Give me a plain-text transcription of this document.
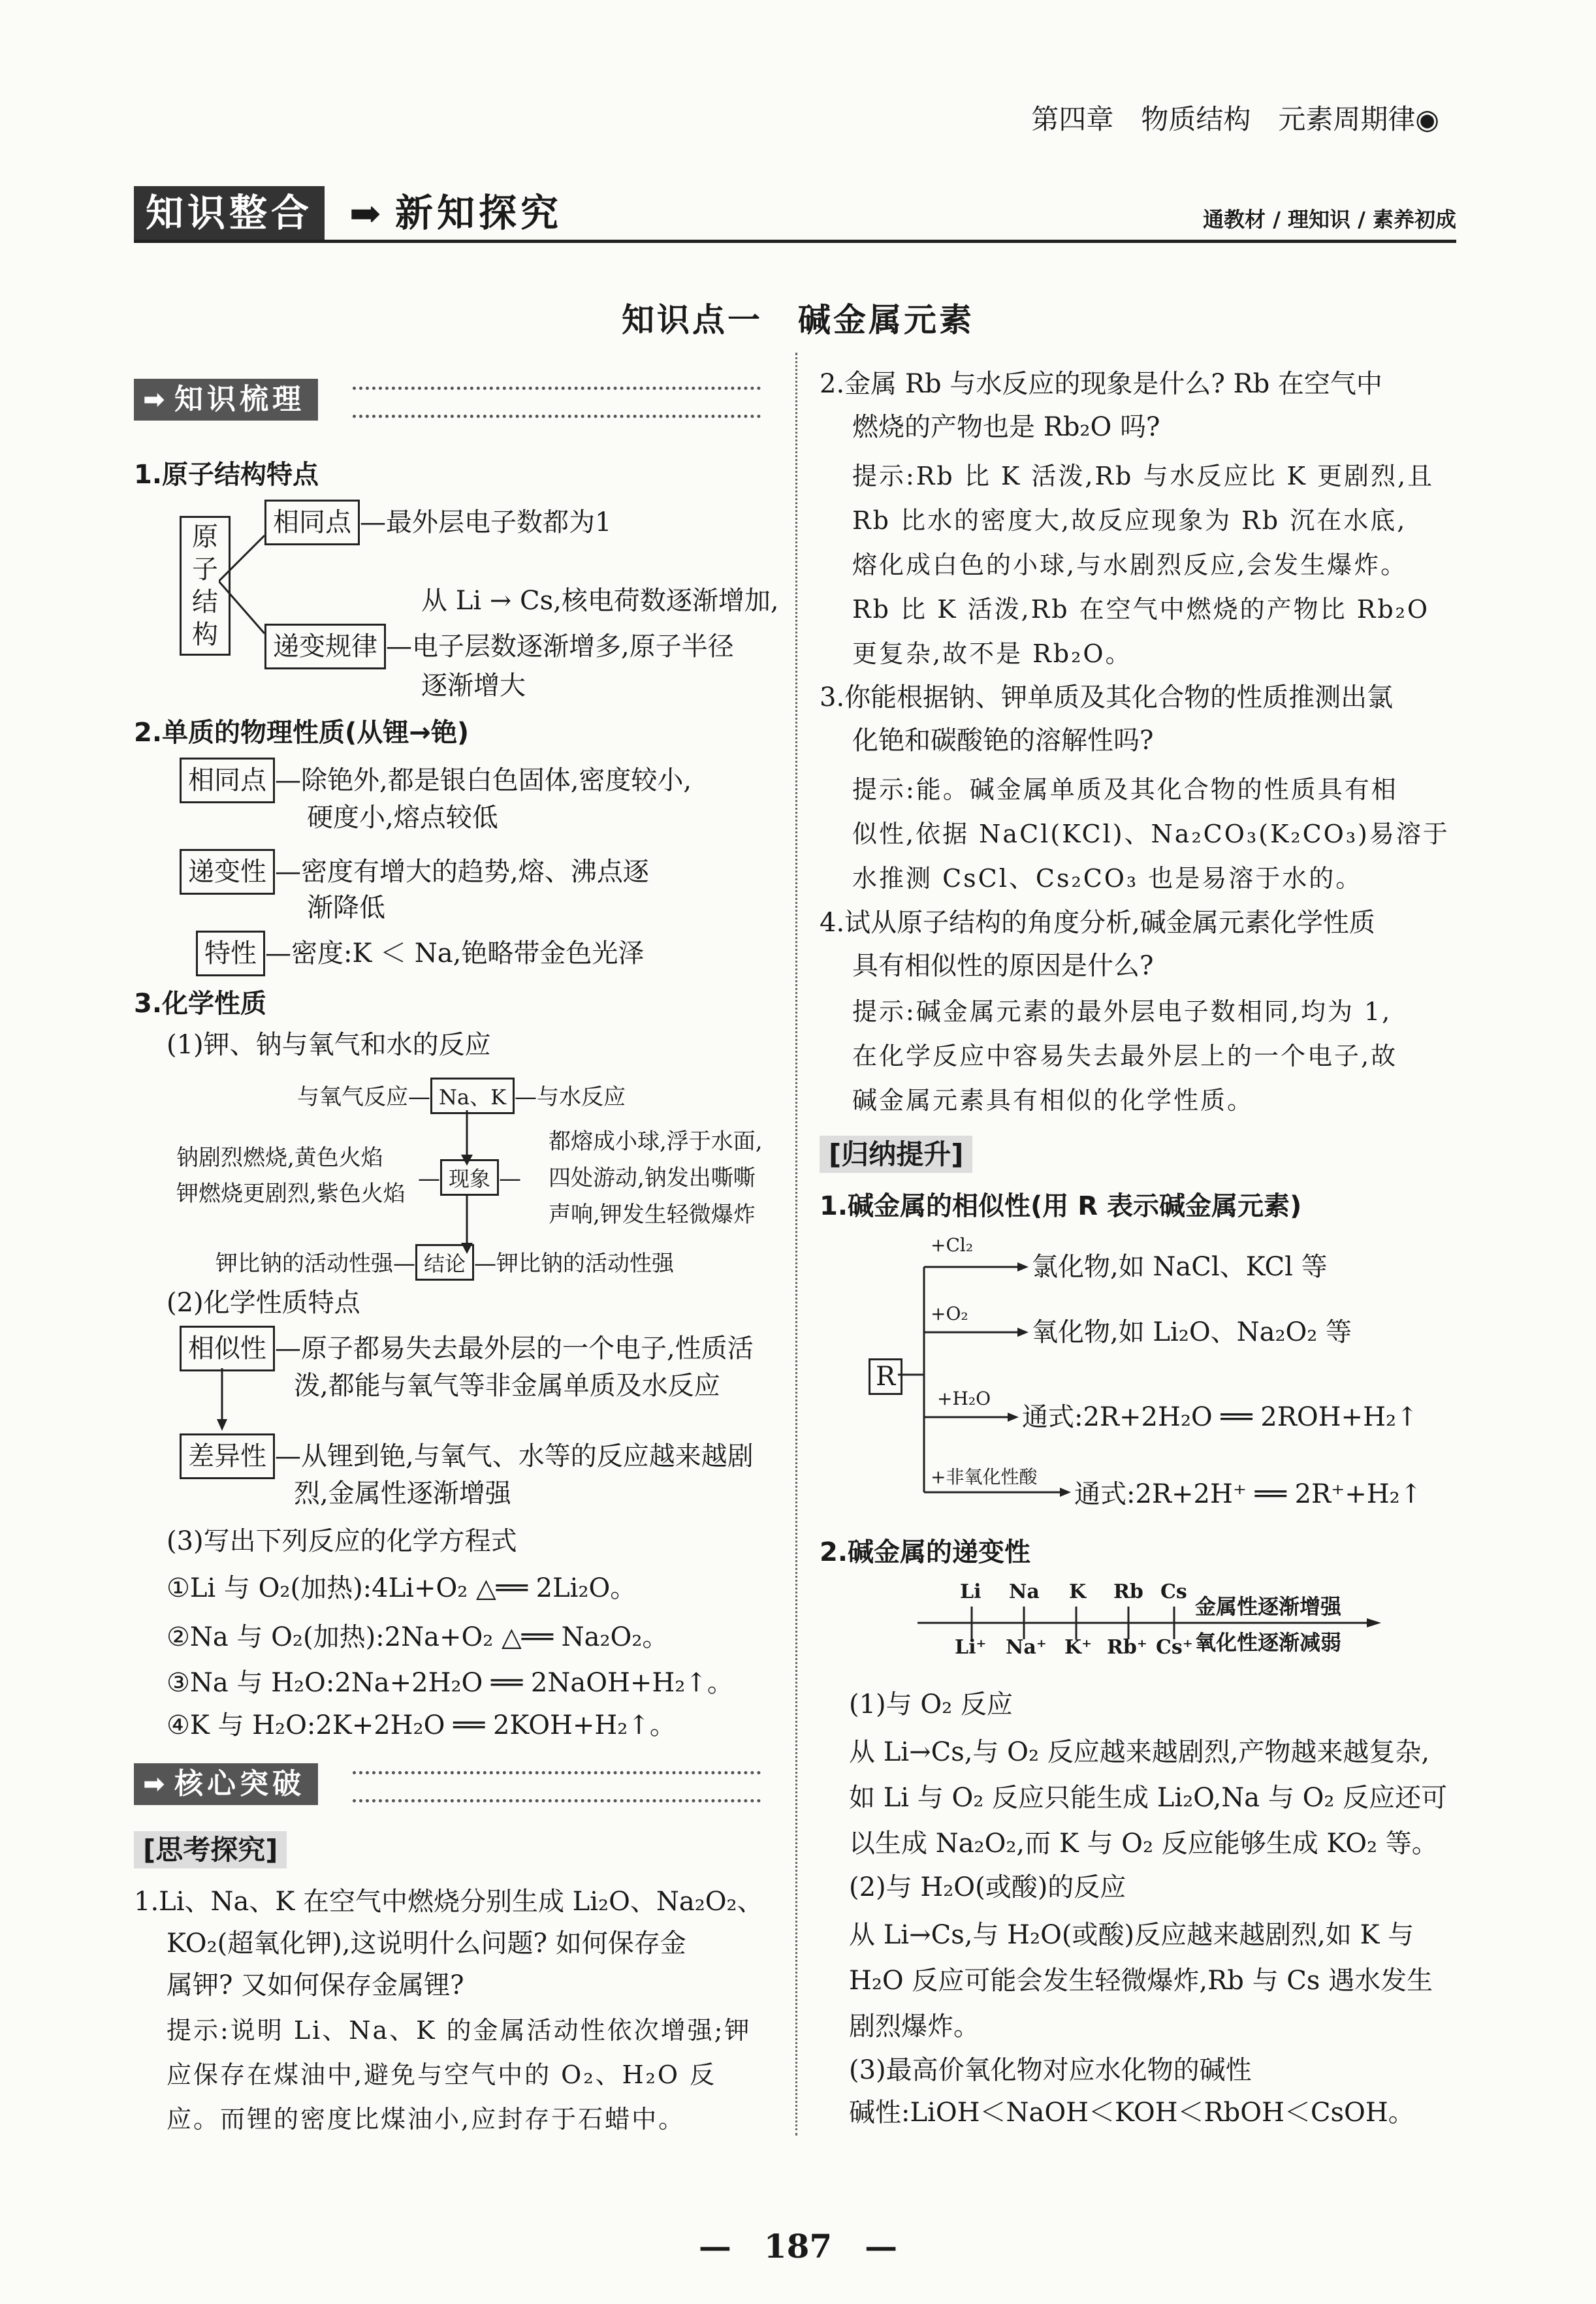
第四章　物质结构　元素周期律◉
知识整合 ➡ 新知探究	通教材 / 理知识 / 素养初成
知识点一　碱金属元素
➡ 知识梳理
1.原子结构特点
原子结构
相同点 —最外层电子数都为1
从 Li → Cs,核电荷数逐渐增加,
递变规律 —电子层数逐渐增多,原子半径
逐渐增大
2.单质的物理性质(从锂→铯)
相同点 —除铯外,都是银白色固体,密度较小,
硬度小,熔点较低
递变性 —密度有增大的趋势,熔、沸点逐
渐降低
特性 —密度:K ＜ Na,铯略带金色光泽
3.化学性质
(1)钾、钠与氧气和水的反应
与氧气反应— Na、K —与水反应
钠剧烈燃烧,黄色火焰
钾燃烧更剧烈,紫色火焰
— 现象 —
都熔成小球,浮于水面,
四处游动,钠发出嘶嘶
声响,钾发生轻微爆炸
钾比钠的活动性强— 结论 —钾比钠的活动性强
(2)化学性质特点
相似性 —原子都易失去最外层的一个电子,性质活
泼,都能与氧气等非金属单质及水反应
差异性 —从锂到铯,与氧气、水等的反应越来越剧
烈,金属性逐渐增强
(3)写出下列反应的化学方程式
①Li 与 O₂(加热):4Li+O₂ △══ 2Li₂O。
②Na 与 O₂(加热):2Na+O₂ △══ Na₂O₂。
③Na 与 H₂O:2Na+2H₂O ══ 2NaOH+H₂↑。
④K 与 H₂O:2K+2H₂O ══ 2KOH+H₂↑。
➡ 核心突破
[思考探究]
1.Li、Na、K 在空气中燃烧分别生成 Li₂O、Na₂O₂、
KO₂(超氧化钾),这说明什么问题? 如何保存金
属钾? 又如何保存金属锂?
提示:说明 Li、Na、K 的金属活动性依次增强;钾
应保存在煤油中,避免与空气中的 O₂、H₂O 反
应。而锂的密度比煤油小,应封存于石蜡中。
2.金属 Rb 与水反应的现象是什么? Rb 在空气中
燃烧的产物也是 Rb₂O 吗?
提示:Rb 比 K 活泼,Rb 与水反应比 K 更剧烈,且
Rb 比水的密度大,故反应现象为 Rb 沉在水底,
熔化成白色的小球,与水剧烈反应,会发生爆炸。
Rb 比 K 活泼,Rb 在空气中燃烧的产物比 Rb₂O
更复杂,故不是 Rb₂O。
3.你能根据钠、钾单质及其化合物的性质推测出氯
化铯和碳酸铯的溶解性吗?
提示:能。碱金属单质及其化合物的性质具有相
似性,依据 NaCl(KCl)、Na₂CO₃(K₂CO₃)易溶于
水推测 CsCl、Cs₂CO₃ 也是易溶于水的。
4.试从原子结构的角度分析,碱金属元素化学性质
具有相似性的原因是什么?
提示:碱金属元素的最外层电子数相同,均为 1,
在化学反应中容易失去最外层上的一个电子,故
碱金属元素具有相似的化学性质。
[归纳提升]
1.碱金属的相似性(用 R 表示碱金属元素)
R
+Cl₂
氯化物,如 NaCl、KCl 等
+O₂
氧化物,如 Li₂O、Na₂O₂ 等
+H₂O
通式:2R+2H₂O ══ 2ROH+H₂↑
+非氧化性酸
通式:2R+2H⁺ ══ 2R⁺+H₂↑
2.碱金属的递变性
Li Na K Rb Cs
Li⁺ Na⁺ K⁺ Rb⁺ Cs⁺
金属性逐渐增强
氧化性逐渐减弱
(1)与 O₂ 反应
从 Li→Cs,与 O₂ 反应越来越剧烈,产物越来越复杂,
如 Li 与 O₂ 反应只能生成 Li₂O,Na 与 O₂ 反应还可
以生成 Na₂O₂,而 K 与 O₂ 反应能够生成 KO₂ 等。
(2)与 H₂O(或酸)的反应
从 Li→Cs,与 H₂O(或酸)反应越来越剧烈,如 K 与
H₂O 反应可能会发生轻微爆炸,Rb 与 Cs 遇水发生
剧烈爆炸。
(3)最高价氧化物对应水化物的碱性
碱性:LiOH＜NaOH＜KOH＜RbOH＜CsOH。
—　187　—
